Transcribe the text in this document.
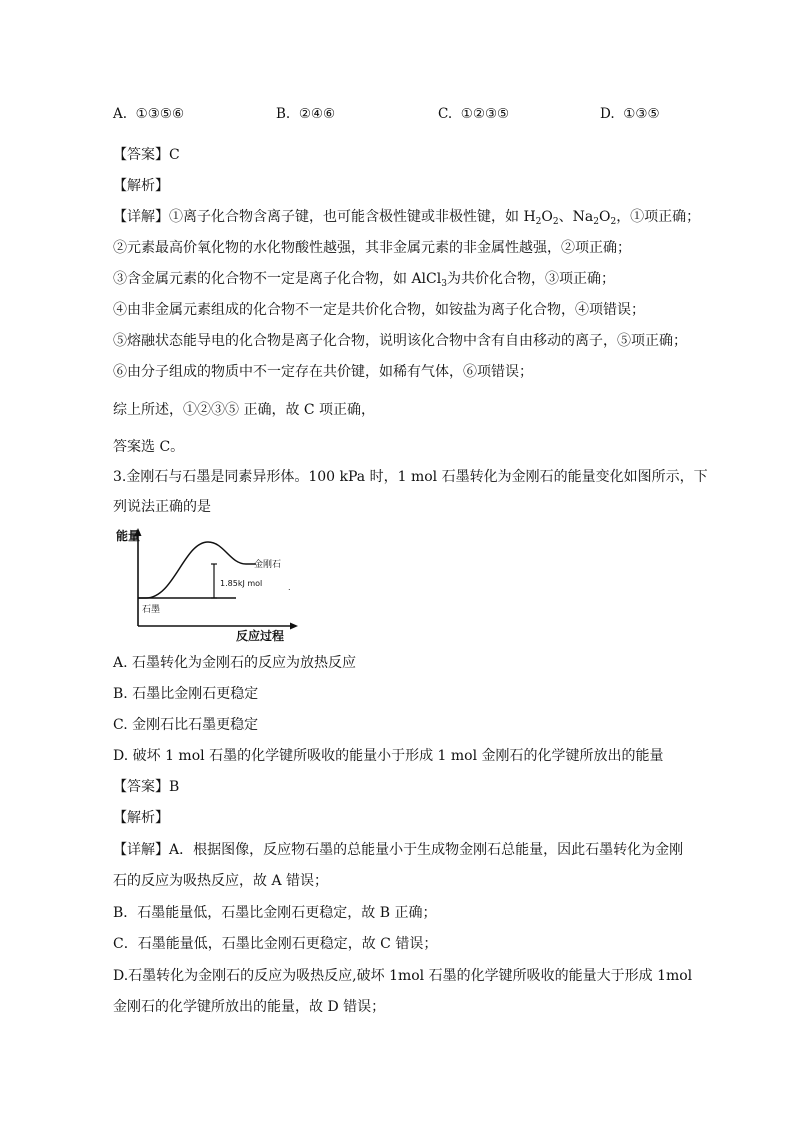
A. ①③⑤⑥	B. ②④⑥	C. ①②③⑤	D. ①③⑤
【答案】C
【解析】
【详解】①离子化合物含离子键，也可能含极性键或非极性键，如 $H_2O_2$、$Na_2O_2$，①项正确；
②元素最高价氧化物的水化物酸性越强，其非金属元素的非金属性越强，②项正确；
③含金属元素的化合物不一定是离子化合物，如 AlCl$_3$为共价化合物，③项正确；
④由非金属元素组成的化合物不一定是共价化合物，如铵盐为离子化合物，④项错误；
⑤熔融状态能导电的化合物是离子化合物，说明该化合物中含有自由移动的离子，⑤项正确；
⑥由分子组成的物质中不一定存在共价键，如稀有气体，⑥项错误；
综上所述，①②③⑤ 正确，故 C 项正确，
答案选 C。
3.金刚石与石墨是同素异形体。100 kPa 时，1 mol 石墨转化为金刚石的能量变化如图所示，下
列说法正确的是
能量
1.85kJ mol	.
金刚石
石墨
反应过程
A. 石墨转化为金刚石的反应为放热反应
B. 石墨比金刚石更稳定
C. 金刚石比石墨更稳定
D. 破坏 1 mol 石墨的化学键所吸收的能量小于形成 1 mol 金刚石的化学键所放出的能量
【答案】B
【解析】
【详解】A．根据图像，反应物石墨的总能量小于生成物金刚石总能量，因此石墨转化为金刚
石的反应为吸热反应，故 A 错误；
B．石墨能量低，石墨比金刚石更稳定，故 B 正确；
C．石墨能量低，石墨比金刚石更稳定，故 C 错误；
D.石墨转化为金刚石的反应为吸热反应,破坏 1mol 石墨的化学键所吸收的能量大于形成 1mol
金刚石的化学键所放出的能量，故 D 错误；
